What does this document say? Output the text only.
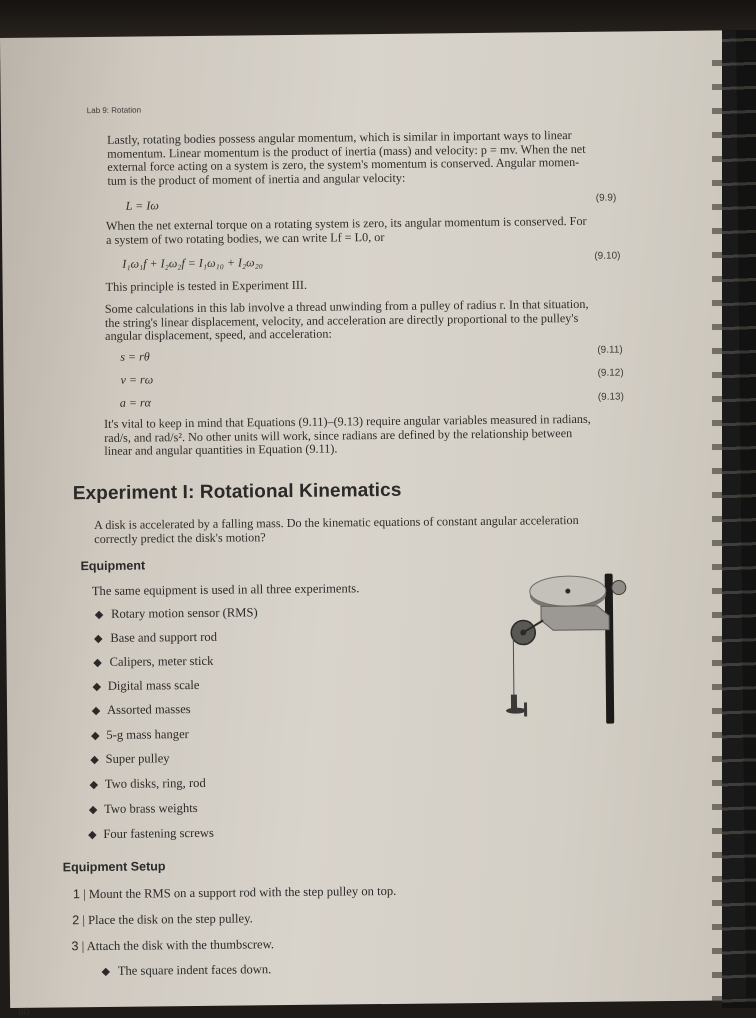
Lab 9: Rotation
Lastly, rotating bodies possess angular momentum, which is similar in important ways to linear
momentum. Linear momentum is the product of inertia (mass) and velocity: p = mv. When the net
external force acting on a system is zero, the system's momentum is conserved. Angular momen-
tum is the product of moment of inertia and angular velocity:
L = Iω
(9.9)
When the net external torque on a rotating system is zero, its angular momentum is conserved. For
a system of two rotating bodies, we can write Lf = L0, or
I₁ω₁f + I₂ω₂f = I₁ω₁₀ + I₂ω₂₀	(9.10)
This principle is tested in Experiment III.
Some calculations in this lab involve a thread unwinding from a pulley of radius r. In that situation,
the string's linear displacement, velocity, and acceleration are directly proportional to the pulley's
angular displacement, speed, and acceleration:
s = rθ	(9.11)
v = rω	(9.12)
a = rα	(9.13)
It's vital to keep in mind that Equations (9.11)–(9.13) require angular variables measured in radians,
rad/s, and rad/s². No other units will work, since radians are defined by the relationship between
linear and angular quantities in Equation (9.11).
Experiment I: Rotational Kinematics
A disk is accelerated by a falling mass. Do the kinematic equations of constant angular acceleration
correctly predict the disk's motion?
Equipment
The same equipment is used in all three experiments.
Rotary motion sensor (RMS)
Base and support rod
Calipers, meter stick
Digital mass scale
Assorted masses
5-g mass hanger
Super pulley
Two disks, ring, rod
Two brass weights
Four fastening screws
Equipment Setup
1 | Mount the RMS on a support rod with the step pulley on top.
2 | Place the disk on the step pulley.
3 | Attach the disk with the thumbscrew.
The square indent faces down.
80
